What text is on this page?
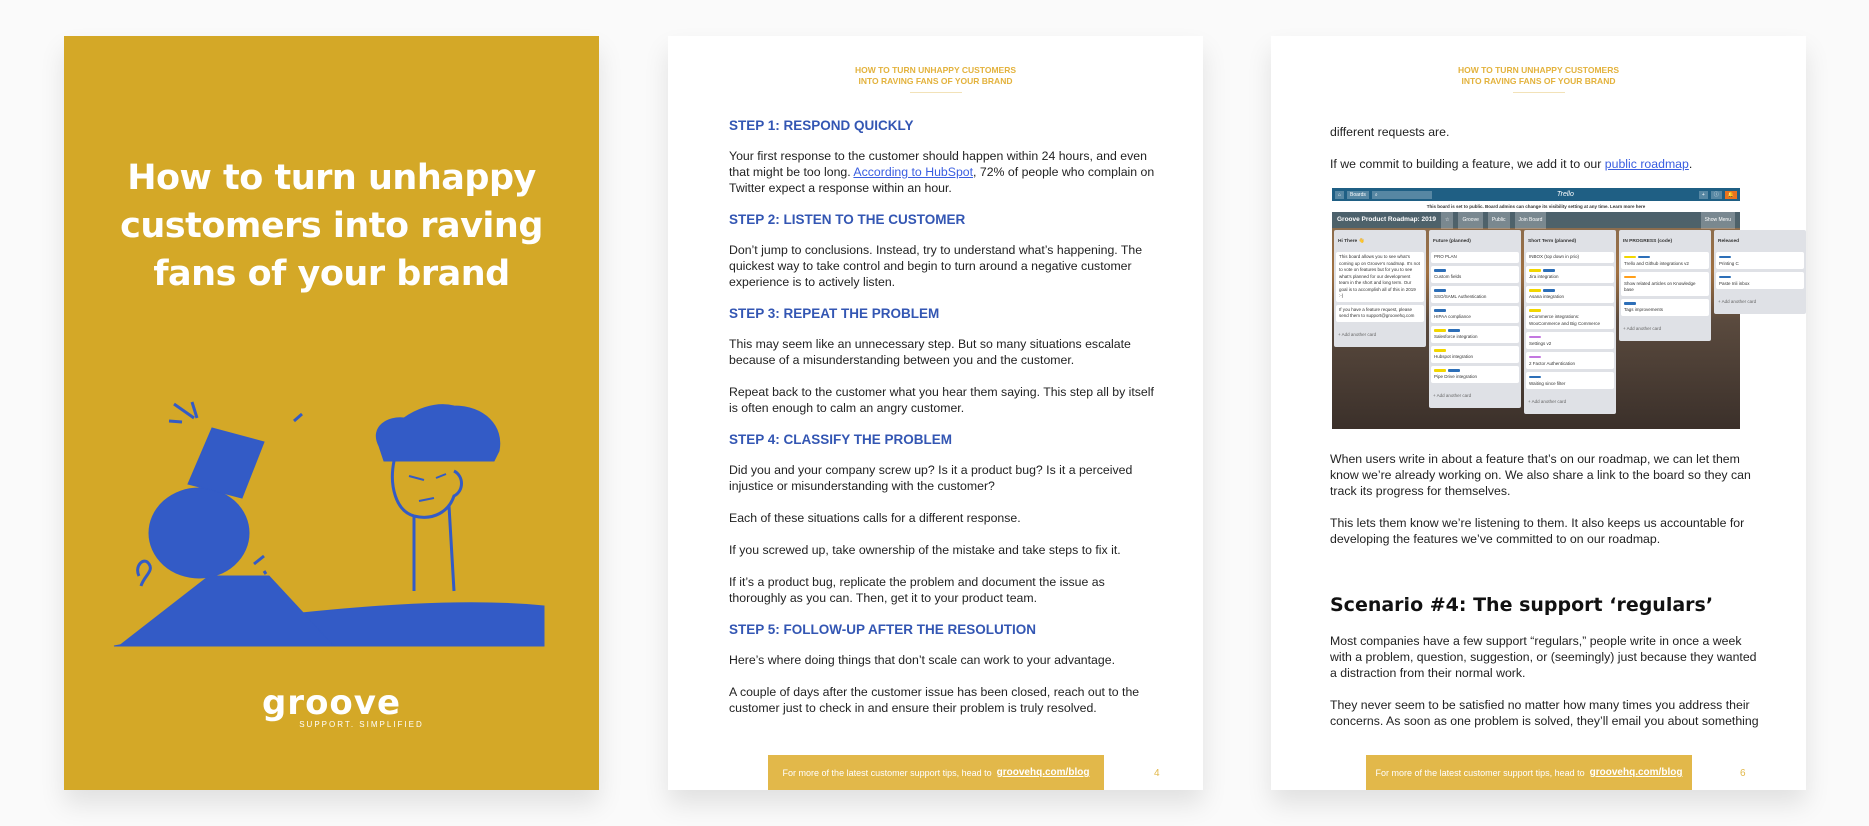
How to turn unhappy
customers into raving
fans of your brand
groove
SUPPORT. SIMPLIFIED
HOW TO TURN UNHAPPY CUSTOMERS
INTO RAVING FANS OF YOUR BRAND
STEP 1: RESPOND QUICKLY

Your first response to the customer should happen within 24 hours, and even that might be too long. According to HubSpot, 72% of people who complain on Twitter expect a response within an hour.

STEP 2: LISTEN TO THE CUSTOMER

Don’t jump to conclusions. Instead, try to understand what’s happening. The quickest way to take control and begin to turn around a negative customer experience is to actively listen.

STEP 3: REPEAT THE PROBLEM

This may seem like an unnecessary step. But so many situations escalate because of a misunderstanding between you and the customer.

Repeat back to the customer what you hear them saying. This step all by itself is often enough to calm an angry customer.

STEP 4: CLASSIFY THE PROBLEM

Did you and your company screw up? Is it a product bug? Is it a perceived injustice or misunderstanding with the customer?

Each of these situations calls for a different response.

If you screwed up, take ownership of the mistake and take steps to fix it.

If it’s a product bug, replicate the problem and document the issue as thoroughly as you can. Then, get it to your product team.

STEP 5: FOLLOW-UP AFTER THE RESOLUTION

Here’s where doing things that don’t scale can work to your advantage.

A couple of days after the customer issue has been closed, reach out to the customer just to check in and ensure their problem is truly resolved.

For more of the latest customer support tips, head to groovehq.com/blog	4
HOW TO TURN UNHAPPY CUSTOMERS
INTO RAVING FANS OF YOUR BRAND

different requests are.

If we commit to building a feature, we add it to our public roadmap.

⌂	Boards	⌕	Trello	+	ⓘ	🔔
This board is set to public. Board admins can change its visibility setting at any time. Learn more here
Groove Product Roadmap: 2019	☆	Groove	Public	Join Board	Show Menu
Hi There 👋
This board allows you to see what’s coming up on Groove’s roadmap. It’s not to vote on features but for you to see what’s planned for our development team in the short and long term. Our goal is to accomplish all of this in 2019 :-)
If you have a feature request, please send them to support@groovehq.com
+ Add another card
Future (planned)
PRO PLAN
Custom fields
SSO/SAML Authentication
HIPAA compliance
Salesforce integration
Hubspot integration
Pipe Drive integration
+ Add another card
Short Term (planned)
INBOX (top down in prio)
Jira integration
Asana integration
eCommerce integrations: WooCommerce and Big Commerce
Settings v2
2 Factor Authentication
Waiting since filter
+ Add another card
IN PROGRESS (code)
Trello and Github integrations v2
Show related articles on Knowledge base
Tags improvements
+ Add another card
Released
Printing C
Paste Inli inbox
+ Add another card

When users write in about a feature that’s on our roadmap, we can let them know we’re already working on. We also share a link to the board so they can track its progress for themselves.

This lets them know we’re listening to them. It also keeps us accountable for developing the features we’ve committed to on our roadmap.

Scenario #4: The support ‘regulars’

Most companies have a few support “regulars,” people write in once a week with a problem, question, suggestion, or (seemingly) just because they wanted a distraction from their normal work.

They never seem to be satisfied no matter how many times you address their concerns. As soon as one problem is solved, they’ll email you about something

For more of the latest customer support tips, head to groovehq.com/blog	6
